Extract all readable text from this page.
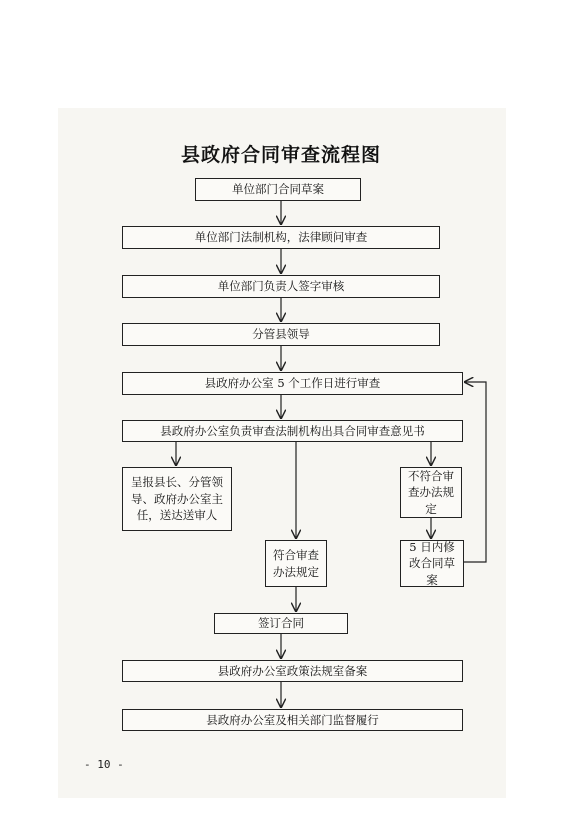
县政府合同审查流程图
单位部门合同草案
单位部门法制机构，法律顾问审查
单位部门负责人签字审核
分管县领导
县政府办公室 5 个工作日进行审查
县政府办公室负责审查法制机构出具合同审查意见书
呈报县长、分管领导、政府办公室主任，送达送审人
不符合审查办法规定
符合审查办法规定
5 日内修改合同草案
签订合同
县政府办公室政策法规室备案
县政府办公室及相关部门监督履行
- 10 -
